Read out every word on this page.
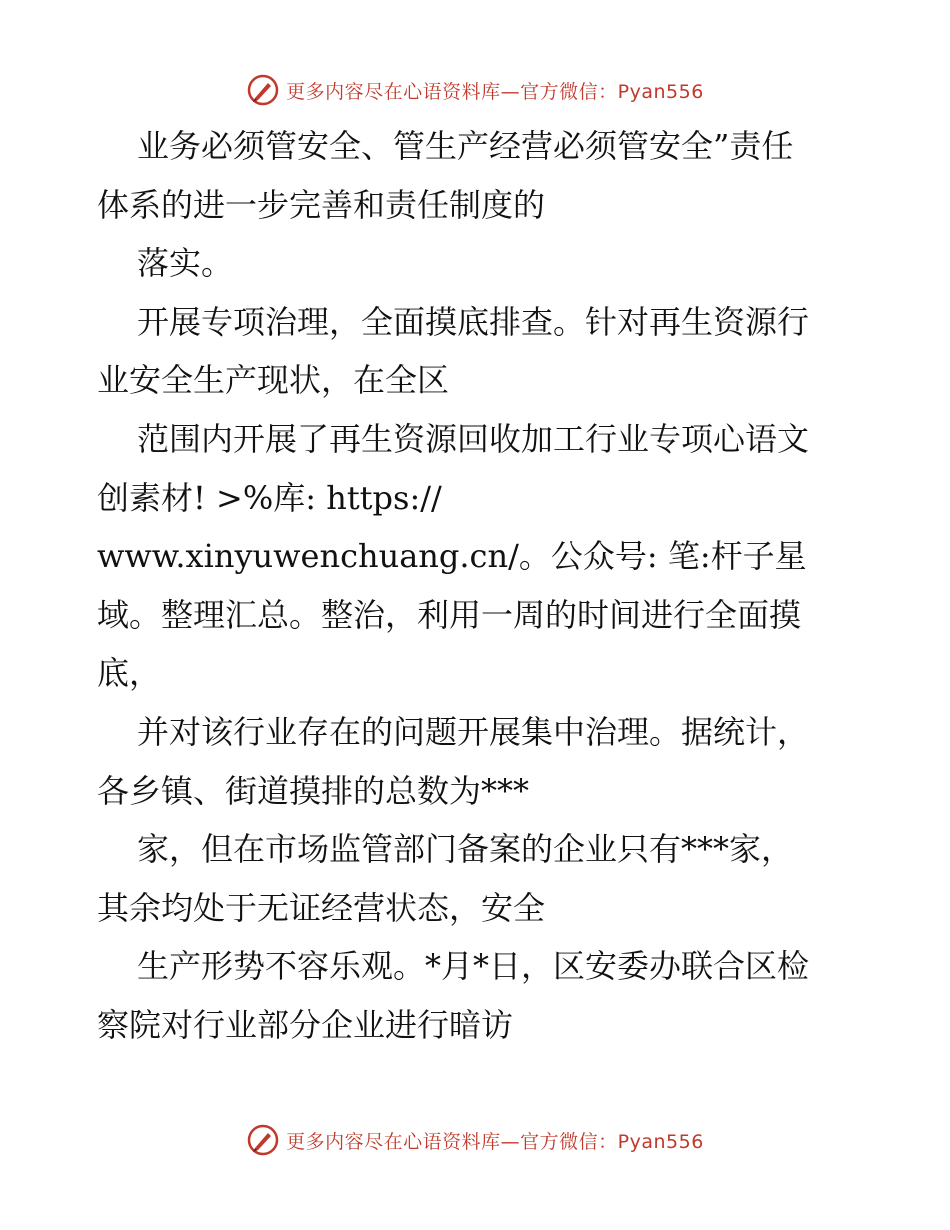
更多内容尽在心语资料库—官方微信：Pyan556
业务必须管安全、管生产经营必须管安全”责任
体系的进一步完善和责任制度的
落实。
开展专项治理，全面摸底排查。针对再生资源行
业安全生产现状，在全区
范围内开展了再生资源回收加工行业专项心语文
创素材! >%库: https://
www.xinyuwenchuang.cn/。公众号: 笔:杆子星
域。整理汇总。整治，利用一周的时间进行全面摸
底，
并对该行业存在的问题开展集中治理。据统计，
各乡镇、街道摸排的总数为***
家，但在市场监管部门备案的企业只有***家，
其余均处于无证经营状态，安全
生产形势不容乐观。*月*日，区安委办联合区检
察院对行业部分企业进行暗访
更多内容尽在心语资料库—官方微信：Pyan556
